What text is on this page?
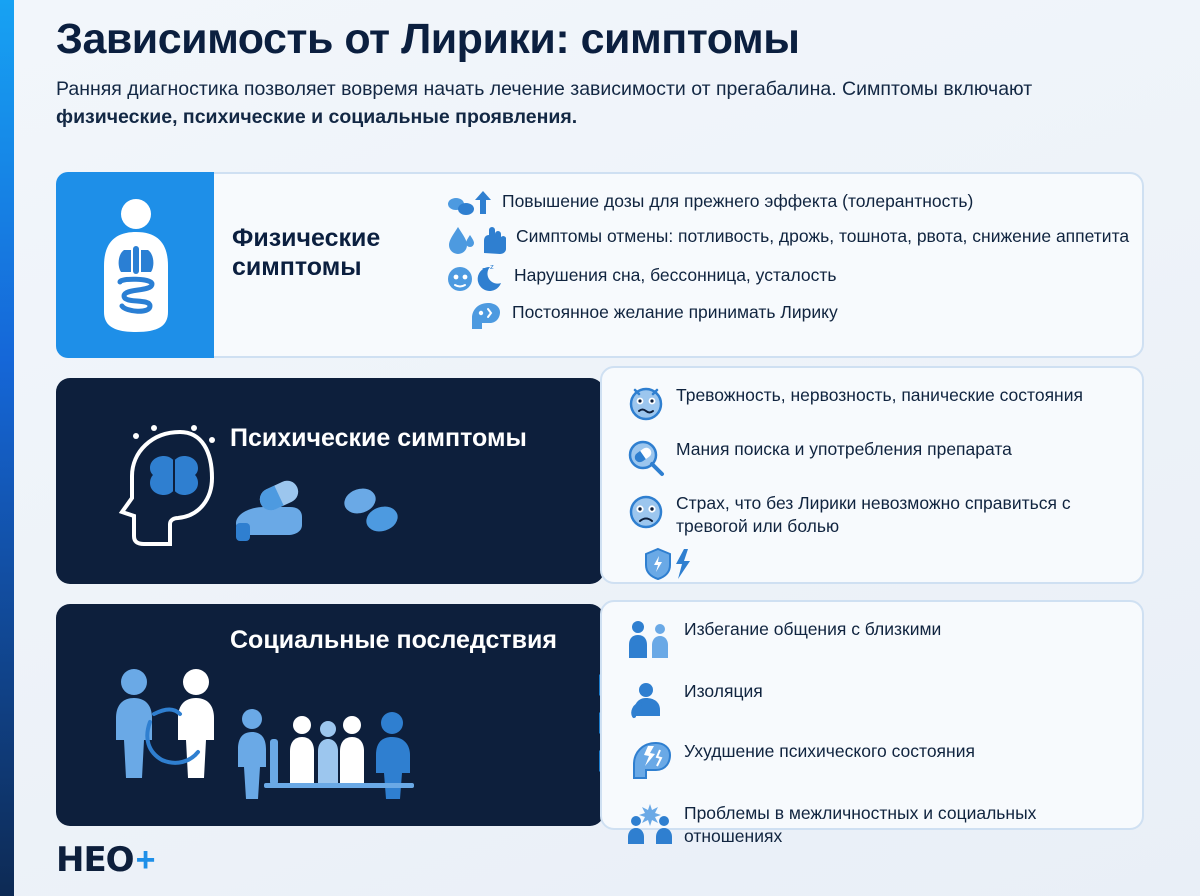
Зависимость от Лирики: симптомы

Ранняя диагностика позволяет вовремя начать лечение зависимости от прегабалина. Симптомы включают физические, психические и социальные проявления.

Физические симптомы
Повышение дозы для прежнего эффекта (толерантность)
Симптомы отмены: потливость, дрожь, тошнота, рвота, снижение аппетита
z z Нарушения сна, бессонница, усталость
Постоянное желание принимать Лирику
Психические симптомы
Тревожность, нервозность, панические состояния
Мания поиска и употребления препарата
Страх, что без Лирики невозможно справиться с тревогой или болью
Социальные последствия	Избегание общения с близкими
Изоляция
Ухудшение психического состояния
Проблемы в межличностных и социальных отношениях
НЕО +
